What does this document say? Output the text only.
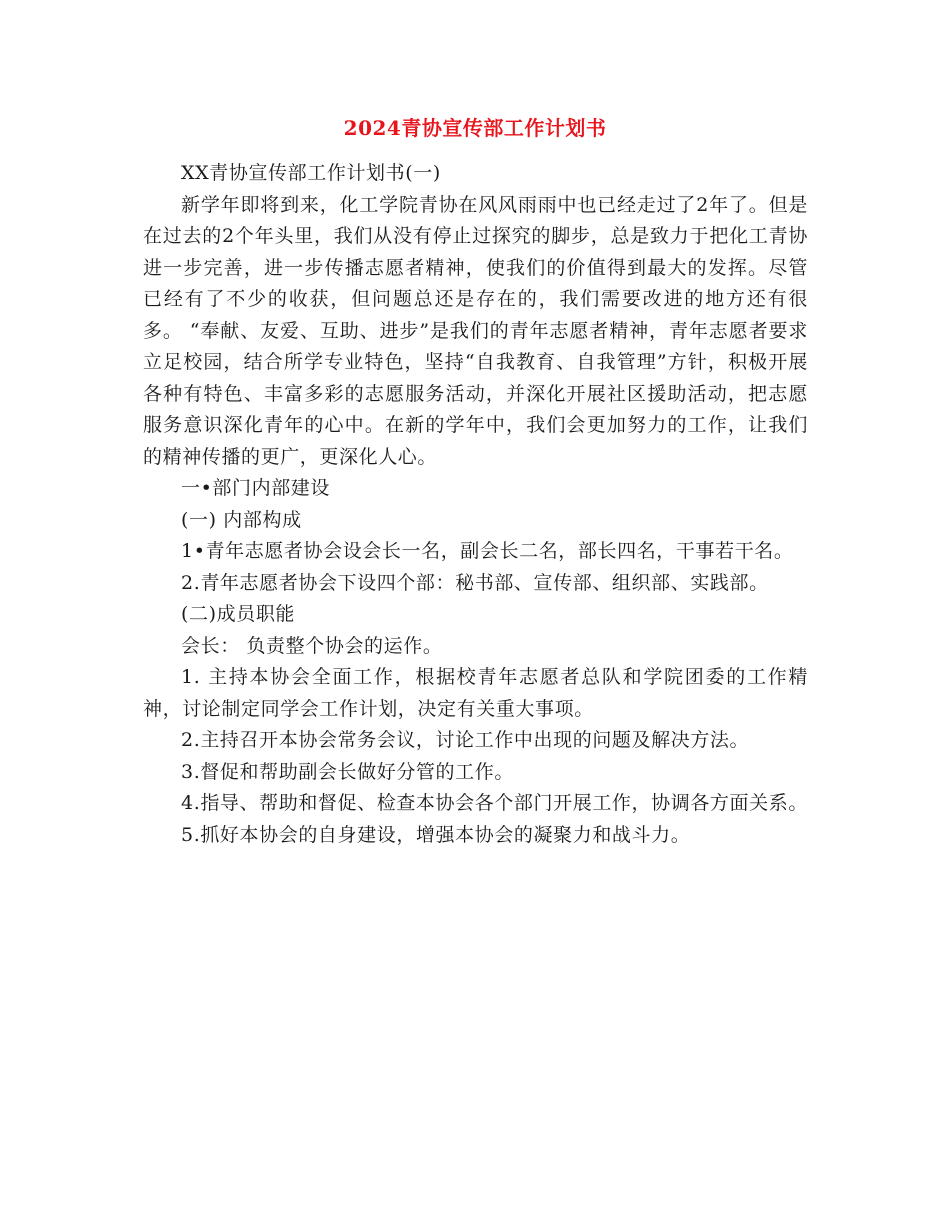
2024青协宣传部工作计划书

XX青协宣传部工作计划书(一)

新学年即将到来，化工学院青协在风风雨雨中也已经走过了2年了。但是在过去的2个年头里，我们从没有停止过探究的脚步，总是致力于把化工青协进一步完善，进一步传播志愿者精神，使我们的价值得到最大的发挥。尽管已经有了不少的收获，但问题总还是存在的，我们需要改进的地方还有很多。 “奉献、友爱、互助、进步”是我们的青年志愿者精神，青年志愿者要求立足校园，结合所学专业特色，坚持“自我教育、自我管理”方针，积极开展各种有特色、丰富多彩的志愿服务活动，并深化开展社区援助活动，把志愿服务意识深化青年的心中。在新的学年中，我们会更加努力的工作，让我们的精神传播的更广，更深化人心。

一•部门内部建设

(一) 内部构成

1•青年志愿者协会设会长一名，副会长二名，部长四名，干事若干名。

2.青年志愿者协会下设四个部：秘书部、宣传部、组织部、实践部。

(二)成员职能

会长： 负责整个协会的运作。

1. 主持本协会全面工作，根据校青年志愿者总队和学院团委的工作精神，讨论制定同学会工作计划，决定有关重大事项。

2.主持召开本协会常务会议，讨论工作中出现的问题及解决方法。

3.督促和帮助副会长做好分管的工作。

4.指导、帮助和督促、检查本协会各个部门开展工作，协调各方面关系。

5.抓好本协会的自身建设，增强本协会的凝聚力和战斗力。
